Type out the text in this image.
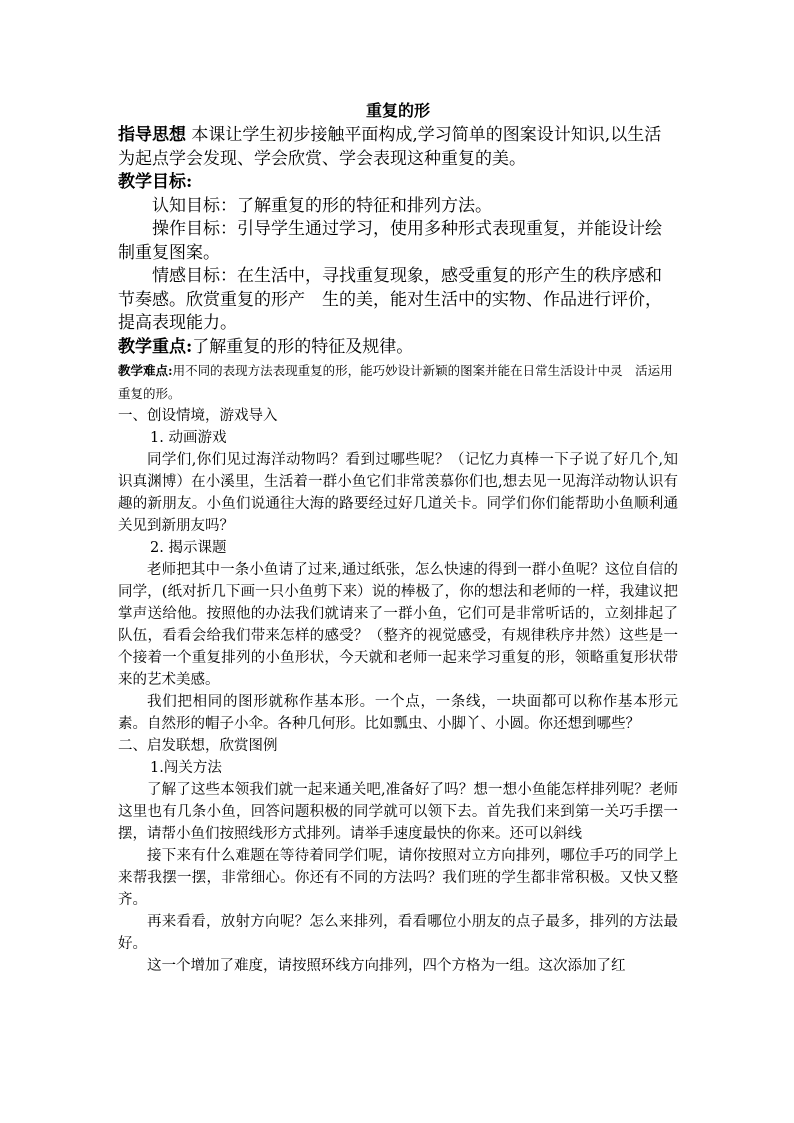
重复的形

指导思想 本课让学生初步接触平面构成,学习简单的图案设计知识,以生活为起点学会发现、学会欣赏、学会表现这种重复的美。

教学目标:

认知目标：了解重复的形的特征和排列方法。

操作目标：引导学生通过学习，使用多种形式表现重复，并能设计绘制重复图案。

情感目标：在生活中，寻找重复现象，感受重复的形产生的秩序感和节奏感。欣赏重复的形产　生的美，能对生活中的实物、作品进行评价，提高表现能力。

教学重点:了解重复的形的特征及规律。

教学难点:用不同的表现方法表现重复的形，能巧妙设计新颖的图案并能在日常生活设计中灵　活运用重复的形。

一、创设情境，游戏导入

1. 动画游戏

同学们,你们见过海洋动物吗？看到过哪些呢？（记忆力真棒一下子说了好几个,知识真渊博）在小溪里，生活着一群小鱼它们非常羡慕你们也,想去见一见海洋动物认识有趣的新朋友。小鱼们说通往大海的路要经过好几道关卡。同学们你们能帮助小鱼顺利通关见到新朋友吗？

2. 揭示课题

老师把其中一条小鱼请了过来,通过纸张，怎么快速的得到一群小鱼呢？这位自信的同学，(纸对折几下画一只小鱼剪下来）说的棒极了，你的想法和老师的一样，我建议把掌声送给他。按照他的办法我们就请来了一群小鱼，它们可是非常听话的，立刻排起了队伍，看看会给我们带来怎样的感受？（整齐的视觉感受，有规律秩序井然）这些是一个接着一个重复排列的小鱼形状，今天就和老师一起来学习重复的形，领略重复形状带来的艺术美感。

我们把相同的图形就称作基本形。一个点，一条线，一块面都可以称作基本形元素。自然形的帽子小伞。各种几何形。比如瓢虫、小脚丫、小圆。你还想到哪些？

二、启发联想，欣赏图例

1.闯关方法

了解了这些本领我们就一起来通关吧,准备好了吗？想一想小鱼能怎样排列呢？老师这里也有几条小鱼，回答问题积极的同学就可以领下去。首先我们来到第一关巧手摆一摆，请帮小鱼们按照线形方式排列。请举手速度最快的你来。还可以斜线

接下来有什么难题在等待着同学们呢，请你按照对立方向排列，哪位手巧的同学上来帮我摆一摆，非常细心。你还有不同的方法吗？我们班的学生都非常积极。又快又整齐。

再来看看，放射方向呢？怎么来排列，看看哪位小朋友的点子最多，排列的方法最好。

这一个增加了难度，请按照环线方向排列，四个方格为一组。这次添加了红
